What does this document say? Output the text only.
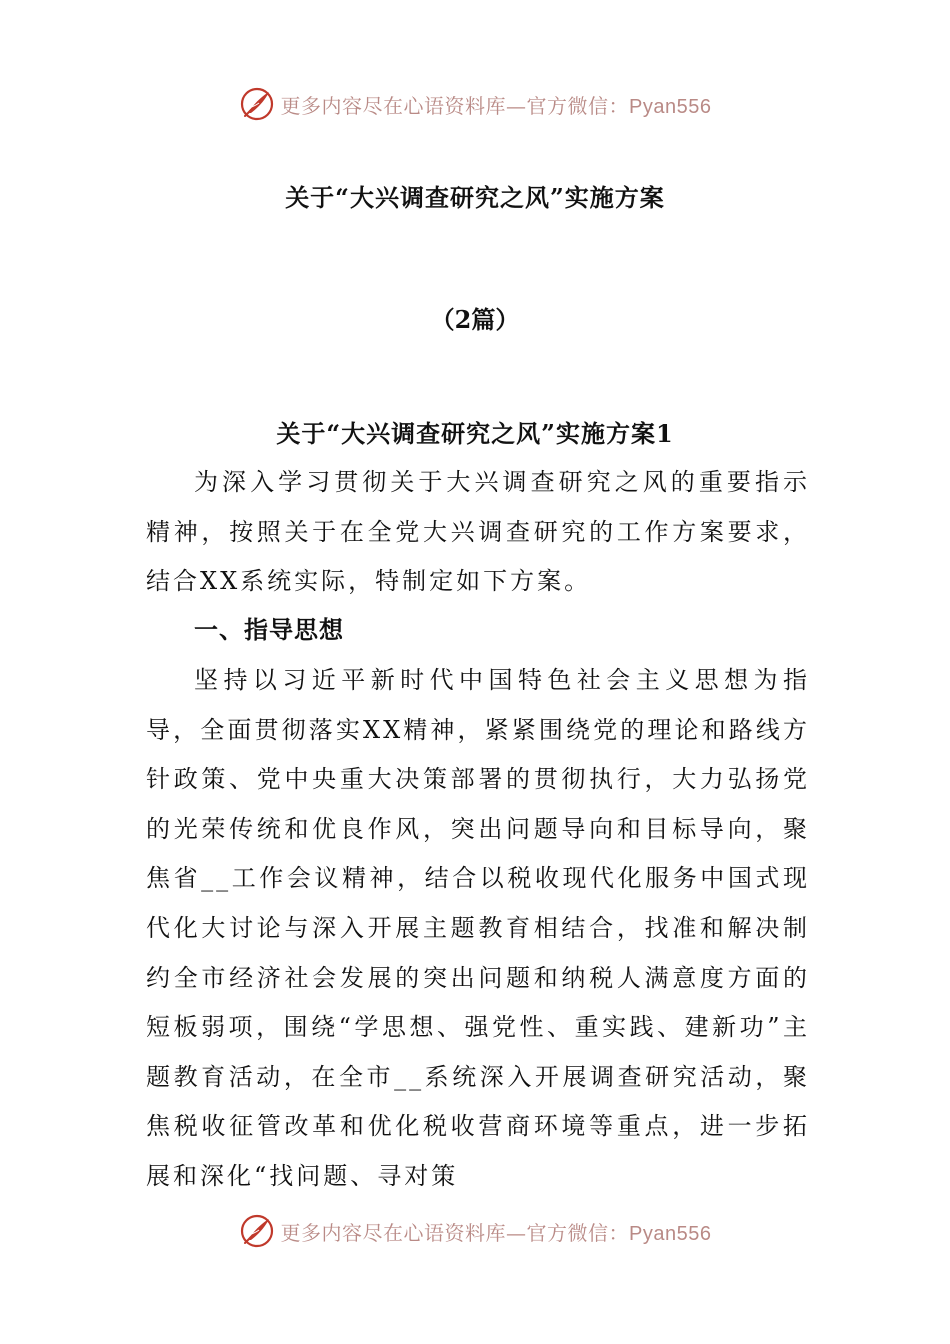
更多内容尽在心语资料库—官方微信：Pyan556
关于“大兴调查研究之风”实施方案

（2篇）

关于“大兴调查研究之风”实施方案1

为深入学习贯彻关于大兴调查研究之风的重要指示精神，按照关于在全党大兴调查研究的工作方案要求，结合XX系统实际，特制定如下方案。

一、指导思想

坚持以习近平新时代中国特色社会主义思想为指导，全面贯彻落实XX精神，紧紧围绕党的理论和路线方针政策、党中央重大决策部署的贯彻执行，大力弘扬党的光荣传统和优良作风，突出问题导向和目标导向，聚焦省__工作会议精神，结合以税收现代化服务中国式现代化大讨论与深入开展主题教育相结合，找准和解决制约全市经济社会发展的突出问题和纳税人满意度方面的短板弱项，围绕“学思想、强党性、重实践、建新功”主题教育活动，在全市__系统深入开展调查研究活动，聚焦税收征管改革和优化税收营商环境等重点，进一步拓展和深化“找问题、寻对策

更多内容尽在心语资料库—官方微信：Pyan556
